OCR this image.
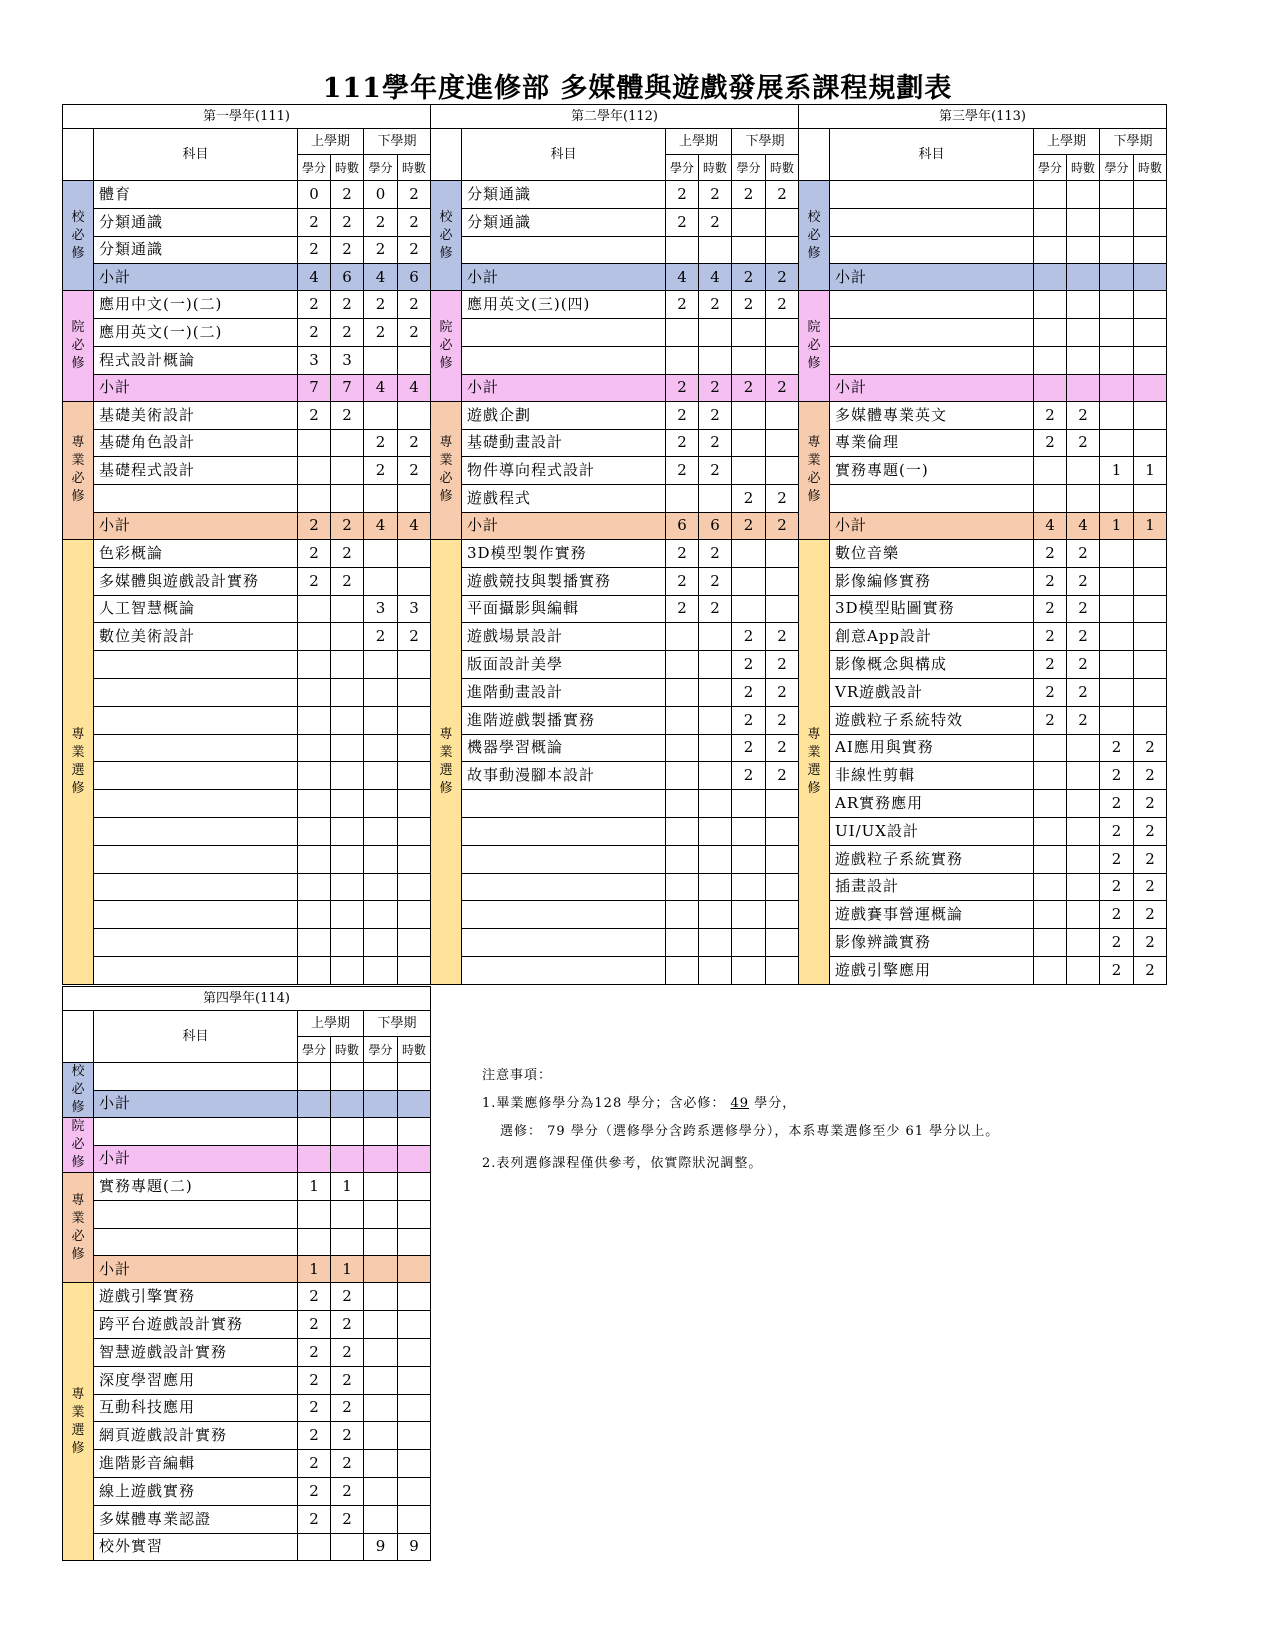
111學年度進修部 多媒體與遊戲發展系課程規劃表
第一學年(111)					
	科目	上學期		下學期	
		學分	時數	學分	時數
校必修	體育	0	2	0	2
	分類通識	2	2	2	2
	分類通識	2	2	2	2
	小計	4	6	4	6
院必修	應用中文(一)(二)	2	2	2	2
	應用英文(一)(二)	2	2	2	2
	程式設計概論	3	3		
	小計	7	7	4	4
專業必修	基礎美術設計	2	2		
	基礎角色設計			2	2
	基礎程式設計			2	2

	小計	2	2	4	4
專業選修	色彩概論	2	2		
	多媒體與遊戲設計實務	2	2		
	人工智慧概論			3	3
	數位美術設計			2	2

第二學年(112)					
	科目	上學期		下學期	
		學分	時數	學分	時數
校必修	分類通識	2	2	2	2
	分類通識	2	2		

	小計	4	4	2	2
院必修	應用英文(三)(四)	2	2	2	2

	小計	2	2	2	2
專業必修	遊戲企劃	2	2		
	基礎動畫設計	2	2		
	物件導向程式設計	2	2		
	遊戲程式			2	2
	小計	6	6	2	2
專業選修	3D模型製作實務	2	2		
	遊戲競技與製播實務	2	2		
	平面攝影與編輯	2	2		
	遊戲場景設計			2	2
	版面設計美學			2	2
	進階動畫設計			2	2
	進階遊戲製播實務			2	2
	機器學習概論			2	2
	故事動漫腳本設計			2	2

第三學年(113)					
	科目	上學期		下學期	
		學分	時數	學分	時數
校必修					

	小計				
院必修					

	小計				
專業必修	多媒體專業英文	2	2		
	專業倫理	2	2		
	實務專題(一)			1	1

	小計	4	4	1	1
專業選修	數位音樂	2	2		
	影像編修實務	2	2		
	3D模型貼圖實務	2	2		
	創意App設計	2	2		
	影像概念與構成	2	2		
	VR遊戲設計	2	2		
	遊戲粒子系統特效	2	2		
	AI應用與實務			2	2
	非線性剪輯			2	2
	AR實務應用			2	2
	UI/UX設計			2	2
	遊戲粒子系統實務			2	2
	插畫設計			2	2
	遊戲賽事營運概論			2	2
	影像辨識實務			2	2
	遊戲引擎應用			2	2
第四學年(114)					
	科目	上學期		下學期	
		學分	時數	學分	時數
校必修					
	小計				
院必修					
	小計				
專業必修	實務專題(二)	1	1		

	小計	1	1		
專業選修	遊戲引擎實務	2	2		
	跨平台遊戲設計實務	2	2		
	智慧遊戲設計實務	2	2		
	深度學習應用	2	2		
	互動科技應用	2	2		
	網頁遊戲設計實務	2	2		
	進階影音編輯	2	2		
	線上遊戲實務	2	2		
	多媒體專業認證	2	2		
	校外實習			9	9
注意事項：
1.畢業應修學分為128 學分；含必修： 49 學分，
選修： 79 學分（選修學分含跨系選修學分），本系專業選修至少 61 學分以上。
2.表列選修課程僅供參考，依實際狀況調整。
